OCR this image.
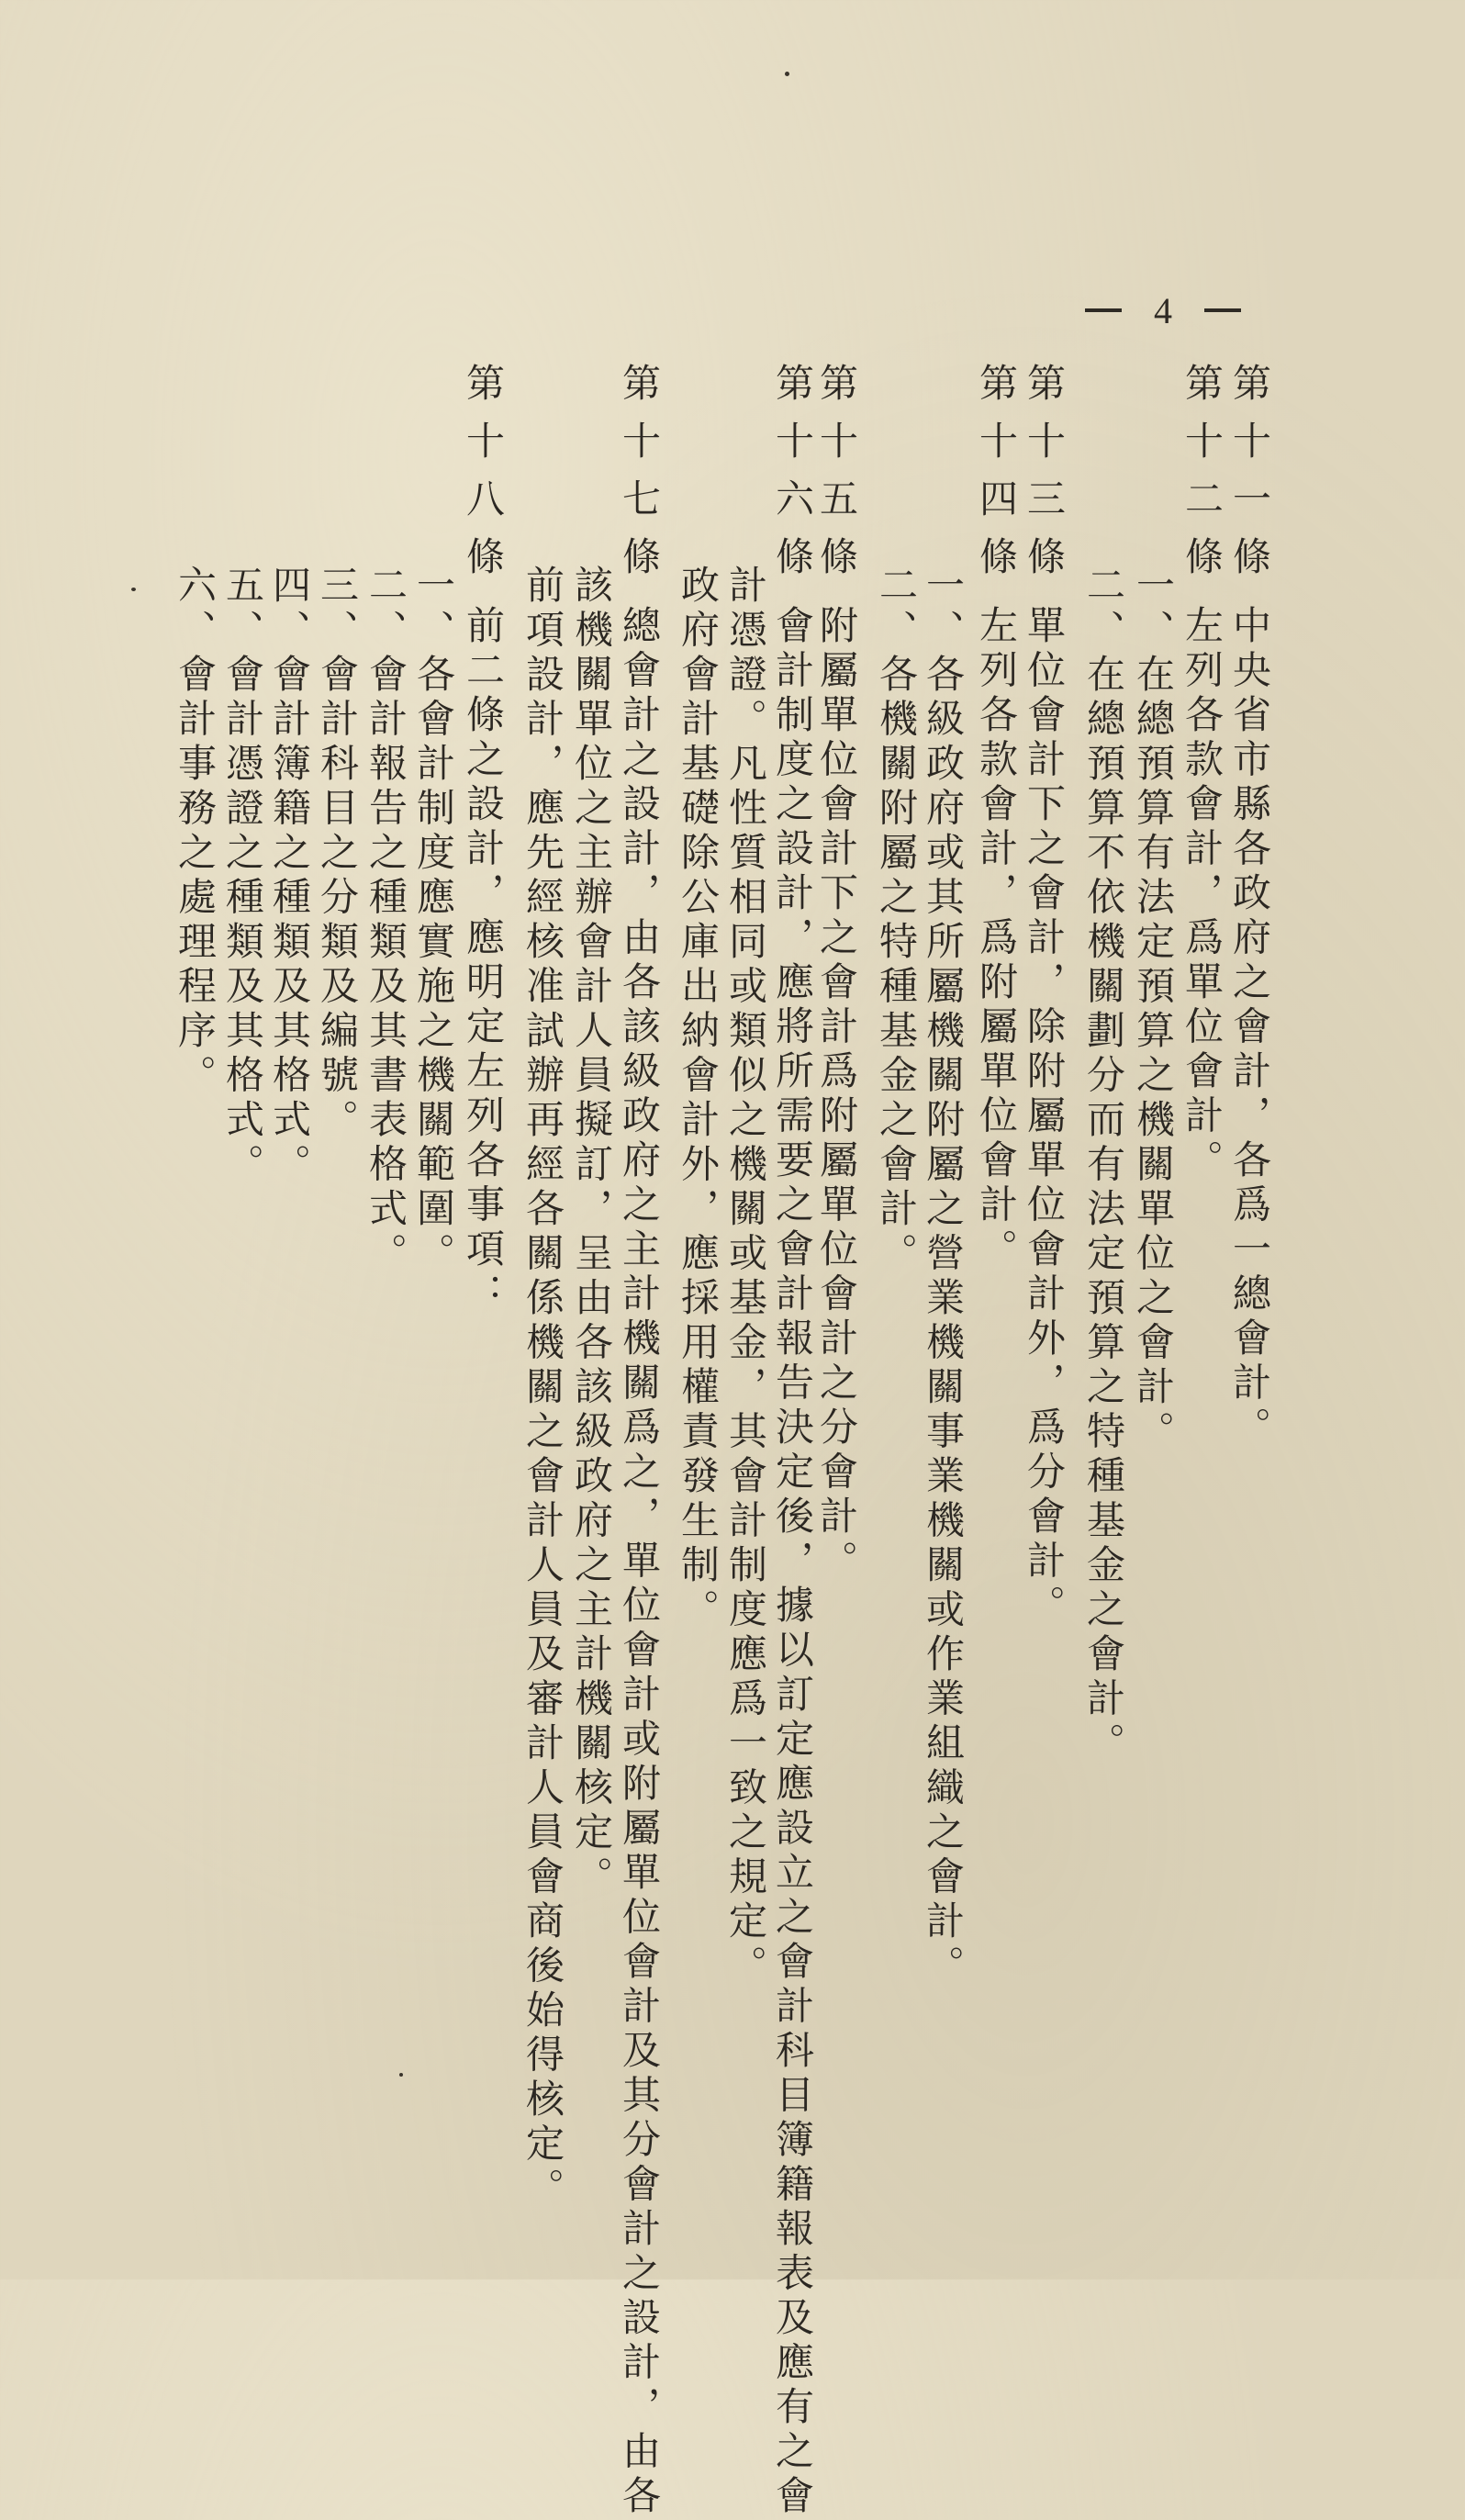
4
第十一條中央省市縣各政府之會計，各爲一總會計。
第十二條左列各款會計，爲單位會計。
一、在總預算有法定預算之機關單位之會計。
二、在總預算不依機關劃分而有法定預算之特種基金之會計。
第十三條單位會計下之會計，除附屬單位會計外，爲分會計。
第十四條左列各款會計，爲附屬單位會計。
一、各級政府或其所屬機關附屬之營業機關事業機關或作業組織之會計。
二、各機關附屬之特種基金之會計。
第十五條附屬單位會計下之會計爲附屬單位會計之分會計。
第十六條會計制度之設計，應將所需要之會計報告決定後，據以訂定應設立之會計科目簿籍報表及應有之會
計憑證。凡性質相同或類似之機關或基金，其會計制度應爲一致之規定。
政府會計基礎除公庫出納會計外，應採用權責發生制。
第十七條總會計之設計，由各該級政府之主計機關爲之，單位會計或附屬單位會計及其分會計之設計，由各
該機關單位之主辦會計人員擬訂，呈由各該級政府之主計機關核定。
前項設計，應先經核准試辦再經各關係機關之會計人員及審計人員會商後始得核定。
第十八條前二條之設計，應明定左列各事項：
一、各會計制度應實施之機關範圍。
二、會計報告之種類及其書表格式。
三、會計科目之分類及編號。
四、會計簿籍之種類及其格式。
五、會計憑證之種類及其格式。
六、會計事務之處理程序。
